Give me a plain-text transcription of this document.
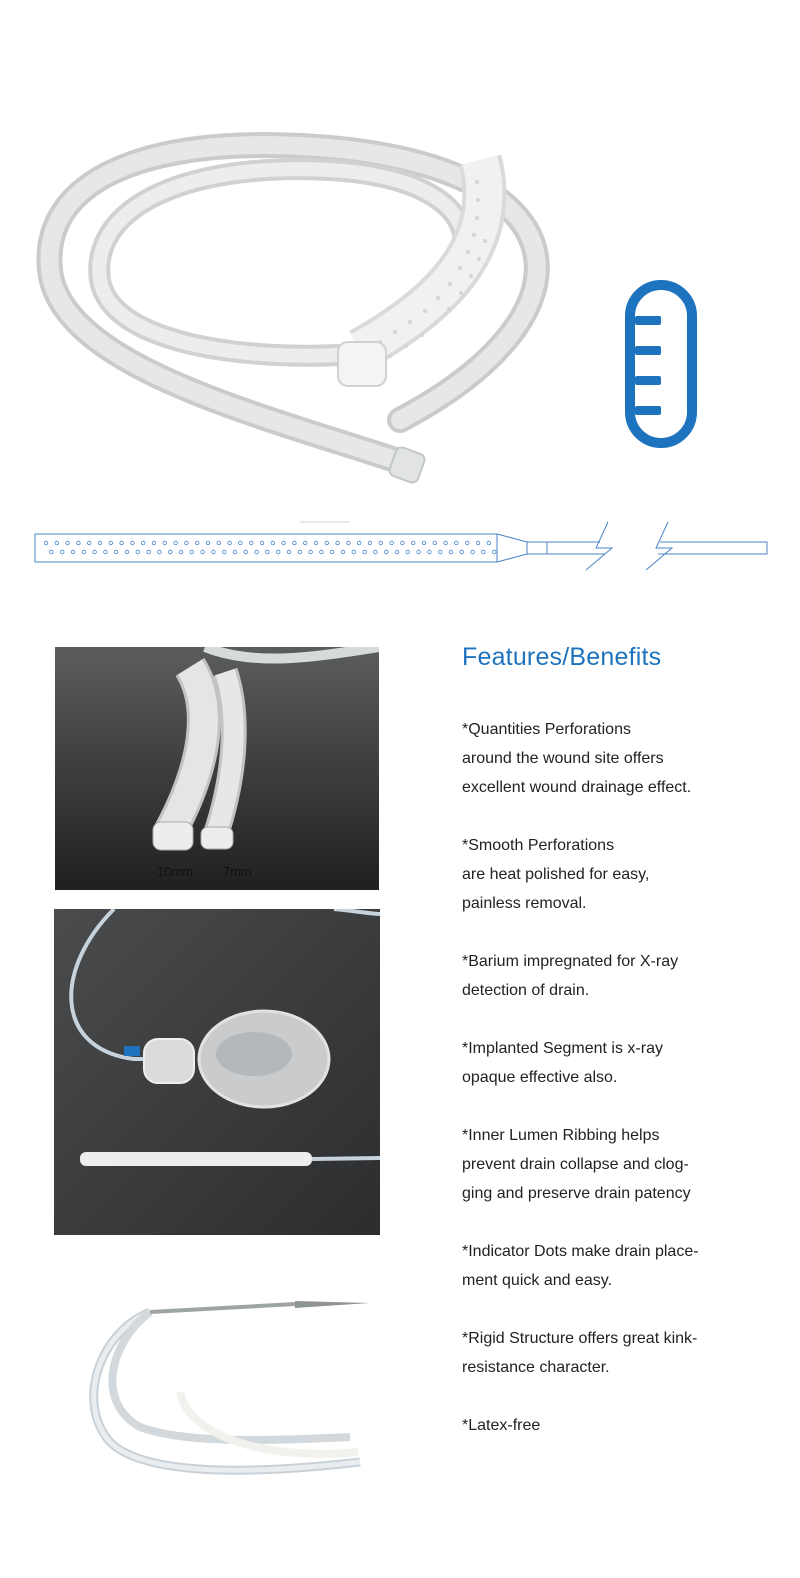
10mm 7mm
Features/Benefits
*Quantities Perforations
around the wound site offers
excellent wound drainage effect.
*Smooth Perforations
are heat polished for easy,
painless removal.
*Barium impregnated for X-ray
detection of drain.
*Implanted Segment is x-ray
opaque effective also.
*Inner Lumen Ribbing helps
prevent drain collapse and clog-
ging and preserve drain patency
*Indicator Dots make drain place-
ment quick and easy.
*Rigid Structure offers great kink-
resistance character.
*Latex-free
